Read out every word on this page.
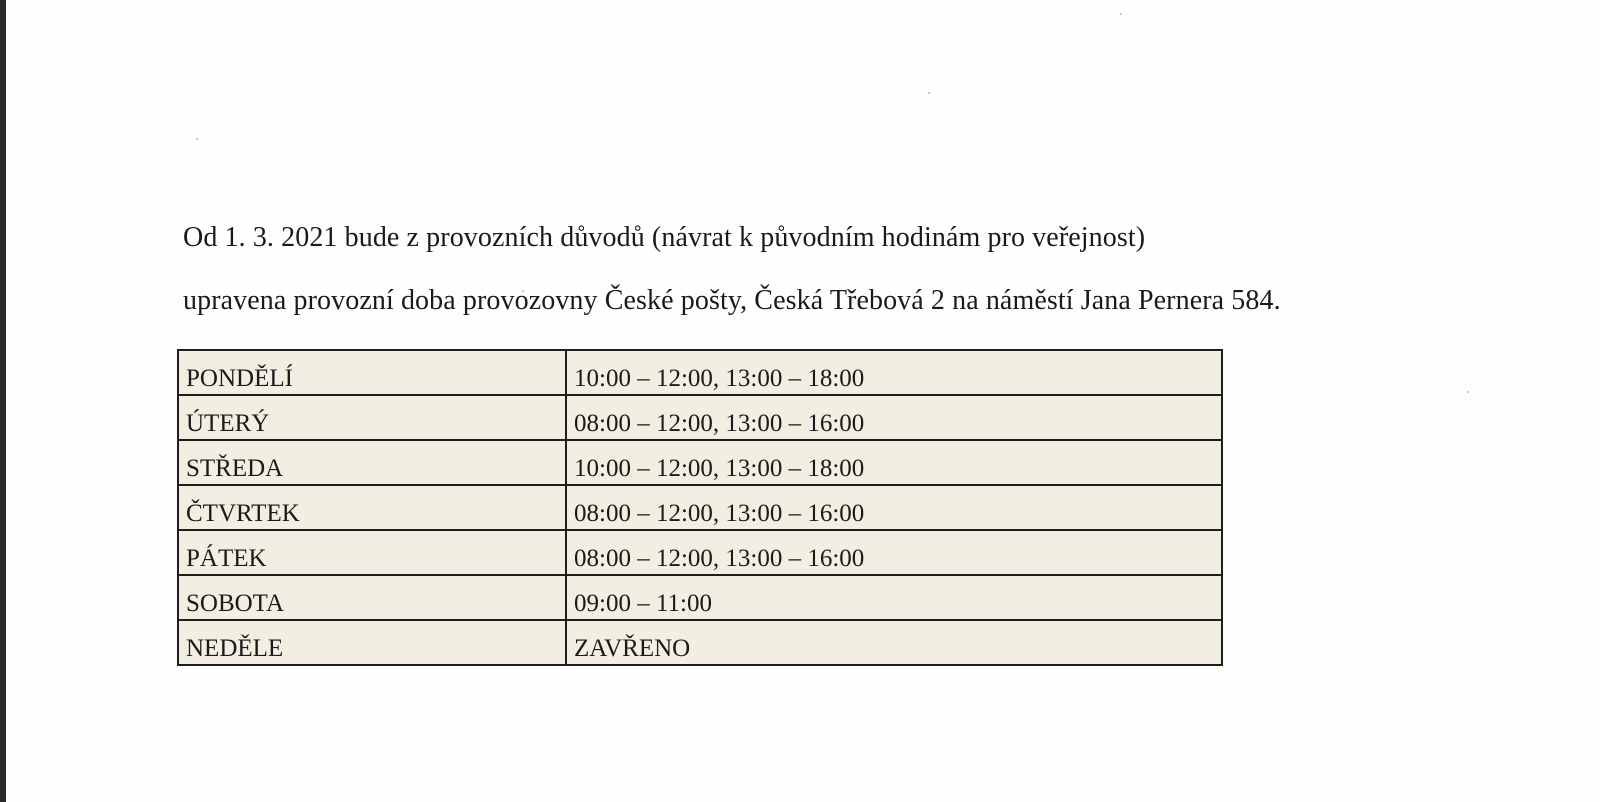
Od 1. 3. 2021 bude z provozních důvodů (návrat k původním hodinám pro veřejnost)
upravena provozní doba provozovny České pošty, Česká Třebová 2 na náměstí Jana Pernera 584.
PONDĚLÍ	10:00 – 12:00, 13:00 – 18:00
ÚTERÝ	08:00 – 12:00, 13:00 – 16:00
STŘEDA	10:00 – 12:00, 13:00 – 18:00
ČTVRTEK	08:00 – 12:00, 13:00 – 16:00
PÁTEK	08:00 – 12:00, 13:00 – 16:00
SOBOTA	09:00 – 11:00
NEDĚLE	ZAVŘENO
